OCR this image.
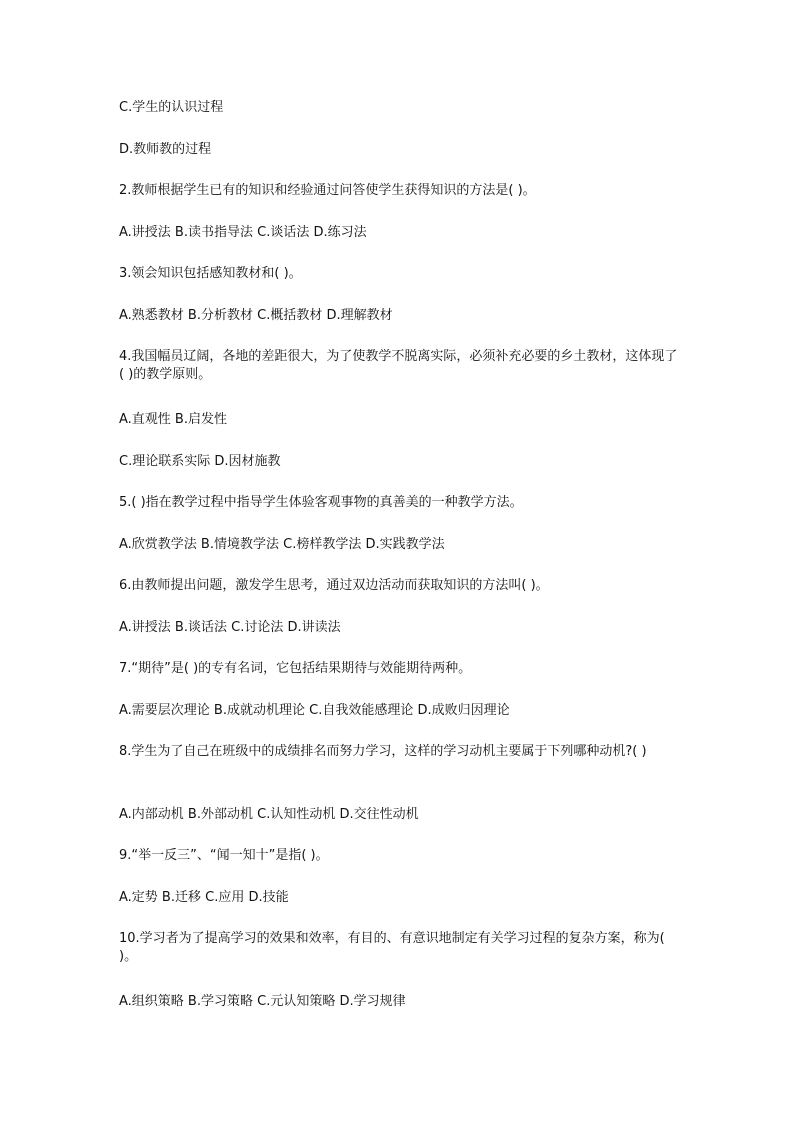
C.学生的认识过程
D.教师教的过程
2.教师根据学生已有的知识和经验通过问答使学生获得知识的方法是( )。
A.讲授法 B.读书指导法 C.谈话法 D.练习法
3.领会知识包括感知教材和( )。
A.熟悉教材 B.分析教材 C.概括教材 D.理解教材
4.我国幅员辽阔，各地的差距很大，为了使教学不脱离实际，必须补充必要的乡土教材，这体现了( )的教学原则。
A.直观性 B.启发性
C.理论联系实际 D.因材施教
5.( )指在教学过程中指导学生体验客观事物的真善美的一种教学方法。
A.欣赏教学法 B.情境教学法 C.榜样教学法 D.实践教学法
6.由教师提出问题，激发学生思考，通过双边活动而获取知识的方法叫( )。
A.讲授法 B.谈话法 C.讨论法 D.讲读法
7.“期待”是( )的专有名词，它包括结果期待与效能期待两种。
A.需要层次理论 B.成就动机理论 C.自我效能感理论 D.成败归因理论
8.学生为了自己在班级中的成绩排名而努力学习，这样的学习动机主要属于下列哪种动机?( )
A.内部动机 B.外部动机 C.认知性动机 D.交往性动机
9.“举一反三”、“闻一知十”是指( )。
A.定势 B.迁移 C.应用 D.技能
10.学习者为了提高学习的效果和效率，有目的、有意识地制定有关学习过程的复杂方案，称为( )。
A.组织策略 B.学习策略 C.元认知策略 D.学习规律
